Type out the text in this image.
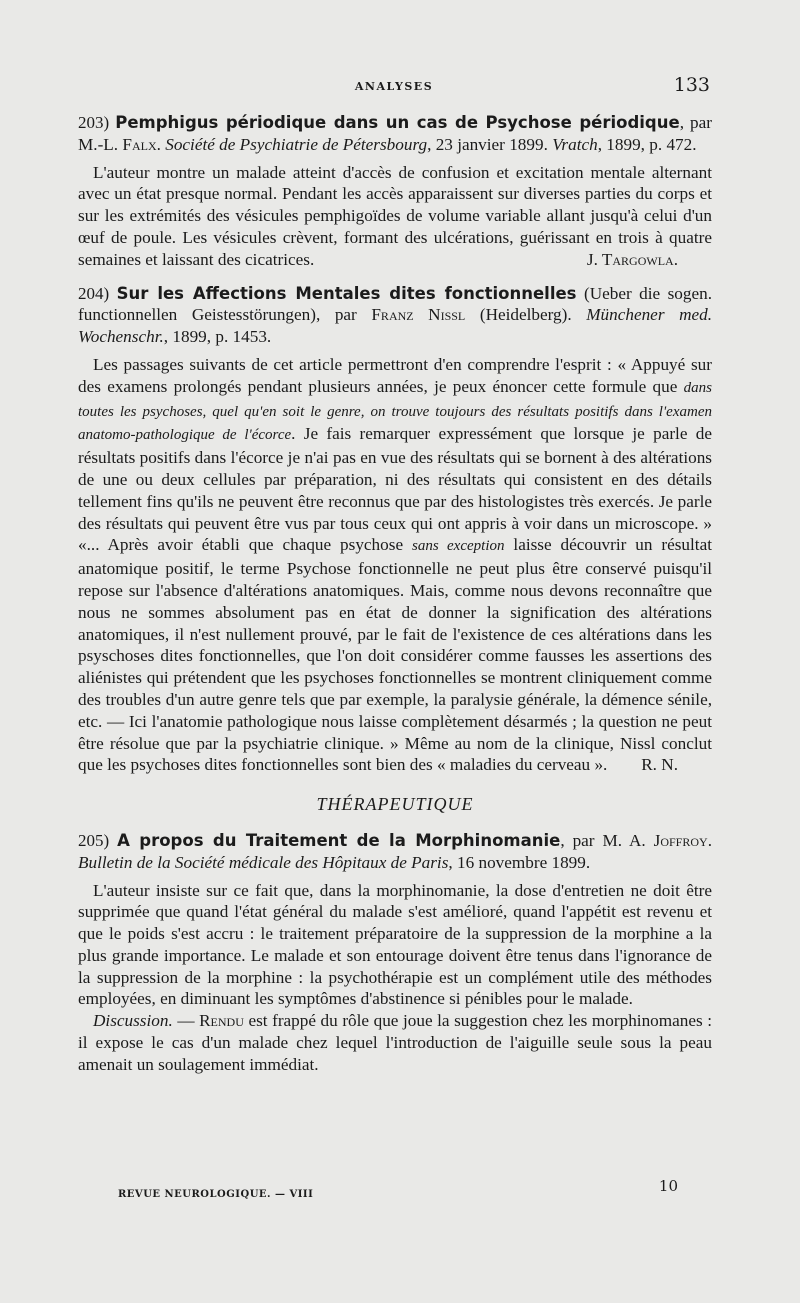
ANALYSES	133

203) Pemphigus périodique dans un cas de Psychose périodique, par M.-L. Falx. Société de Psychiatrie de Pétersbourg, 23 janvier 1899. Vratch, 1899, p. 472.

L'auteur montre un malade atteint d'accès de confusion et excitation mentale alternant avec un état presque normal. Pendant les accès apparaissent sur diverses parties du corps et sur les extrémités des vésicules pemphigoïdes de volume variable allant jusqu'à celui d'un œuf de poule. Les vésicules crèvent, formant des ulcérations, guérissant en trois à quatre semaines et laissant des cicatrices.	J. Targowla.

204) Sur les Affections Mentales dites fonctionnelles (Ueber die sogen. functionnellen Geistesstörungen), par Franz Nissl (Heidelberg). Münchener med. Wochenschr., 1899, p. 1453.

Les passages suivants de cet article permettront d'en comprendre l'esprit : « Appuyé sur des examens prolongés pendant plusieurs années, je peux énoncer cette formule que dans toutes les psychoses, quel qu'en soit le genre, on trouve toujours des résultats positifs dans l'examen anatomo-pathologique de l'écorce. Je fais remarquer expressément que lorsque je parle de résultats positifs dans l'écorce je n'ai pas en vue des résultats qui se bornent à des altérations de une ou deux cellules par préparation, ni des résultats qui consistent en des détails tellement fins qu'ils ne peuvent être reconnus que par des histologistes très exercés. Je parle des résultats qui peuvent être vus par tous ceux qui ont appris à voir dans un microscope. » «... Après avoir établi que chaque psychose sans exception laisse découvrir un résultat anatomique positif, le terme Psychose fonctionnelle ne peut plus être conservé puisqu'il repose sur l'absence d'altérations anatomiques. Mais, comme nous devons reconnaître que nous ne sommes absolument pas en état de donner la signification des altérations anatomiques, il n'est nullement prouvé, par le fait de l'existence de ces altérations dans les psyschoses dites fonctionnelles, que l'on doit considérer comme fausses les assertions des aliénistes qui prétendent que les psychoses fonctionnelles se montrent cliniquement comme des troubles d'un autre genre tels que par exemple, la paralysie générale, la démence sénile, etc. — Ici l'anatomie pathologique nous laisse complètement désarmés ; la question ne peut être résolue que par la psychiatrie clinique. » Même au nom de la clinique, Nissl conclut que les psychoses dites fonctionnelles sont bien des « maladies du cerveau ».	R. N.

THÉRAPEUTIQUE

205) A propos du Traitement de la Morphinomanie, par M. A. Joffroy. Bulletin de la Société médicale des Hôpitaux de Paris, 16 novembre 1899.

L'auteur insiste sur ce fait que, dans la morphinomanie, la dose d'entretien ne doit être supprimée que quand l'état général du malade s'est amélioré, quand l'appétit est revenu et que le poids s'est accru : le traitement préparatoire de la suppression de la morphine a la plus grande importance. Le malade et son entourage doivent être tenus dans l'ignorance de la suppression de la morphine : la psychothérapie est un complément utile des méthodes employées, en diminuant les symptômes d'abstinence si pénibles pour le malade.

Discussion. — Rendu est frappé du rôle que joue la suggestion chez les morphinomanes : il expose le cas d'un malade chez lequel l'introduction de l'aiguille seule sous la peau amenait un soulagement immédiat.

REVUE NEUROLOGIQUE. — VIII	10
